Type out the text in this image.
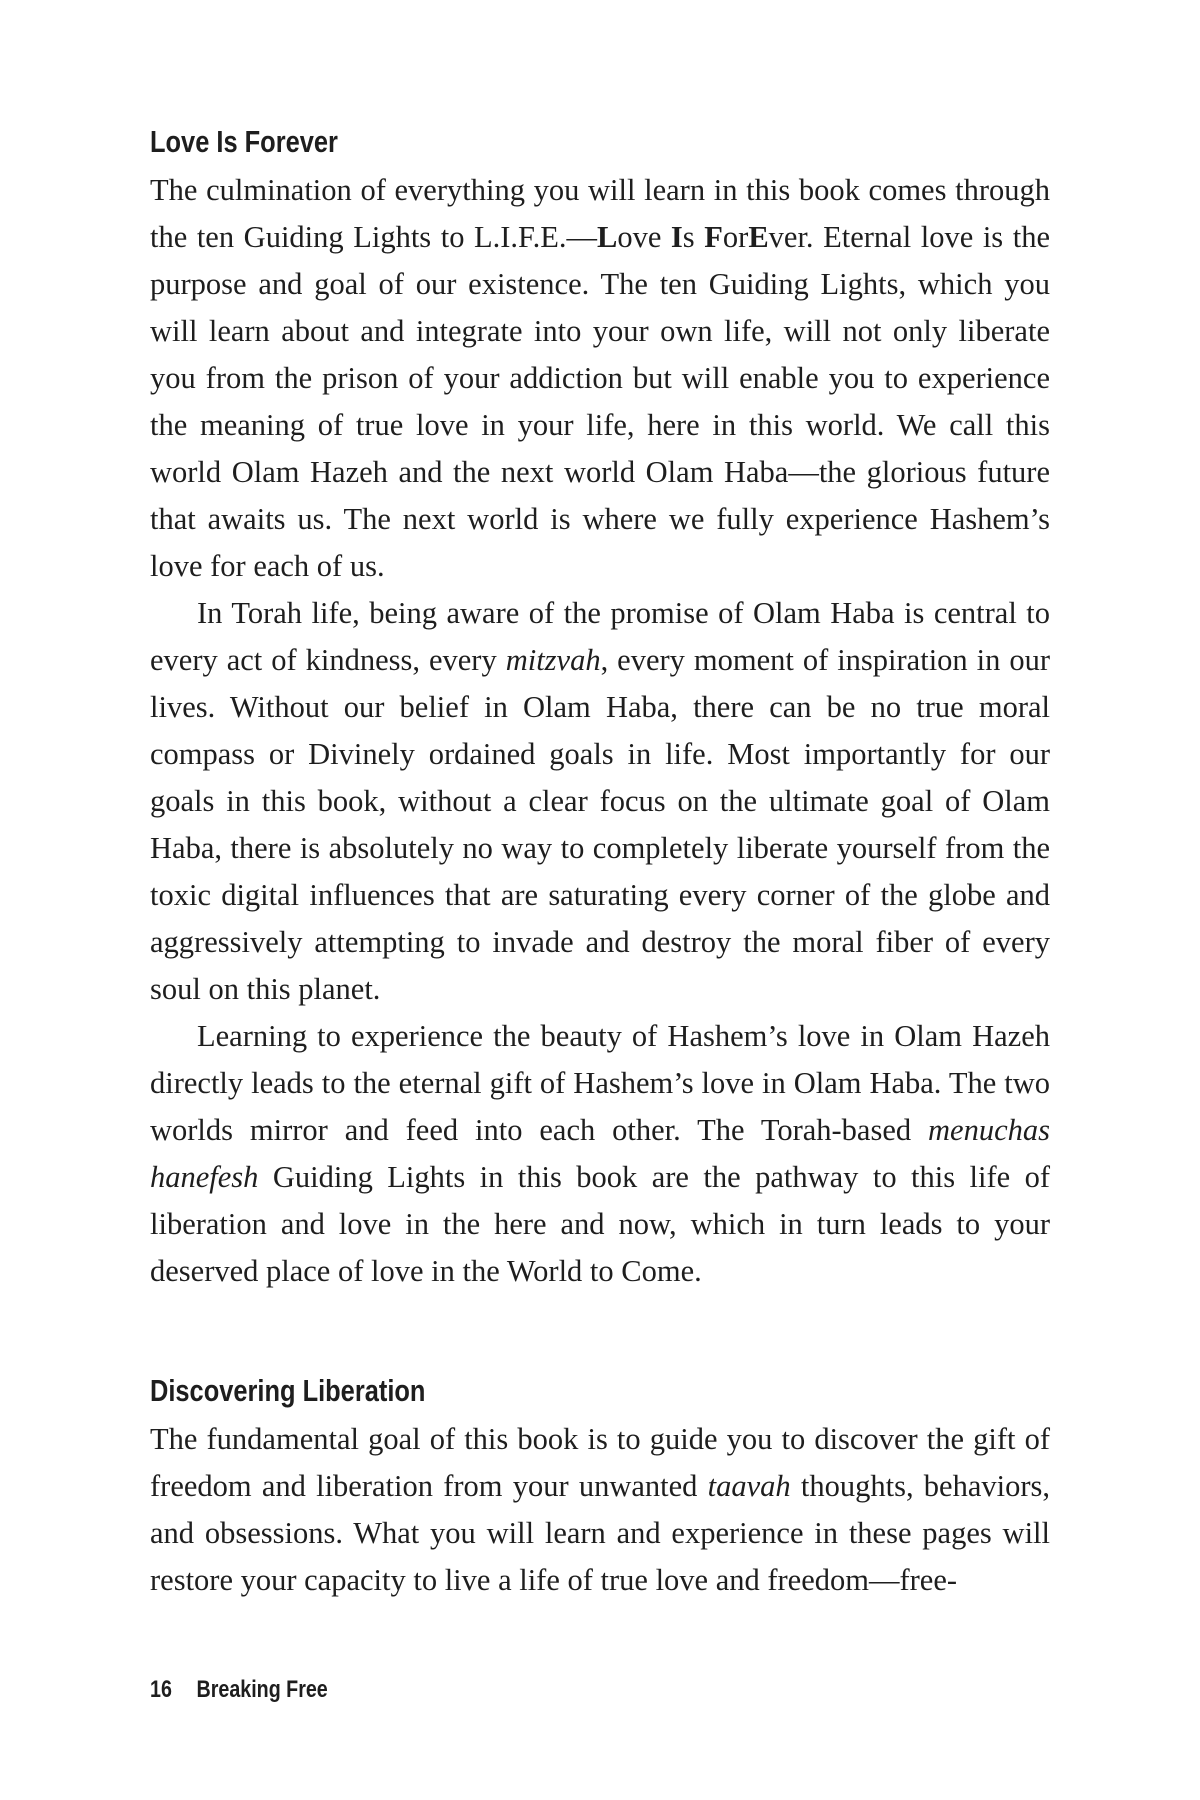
Love Is Forever

The culmination of everything you will learn in this book comes through the ten Guiding Lights to L.I.F.E.—Love Is ForEver. Eternal love is the purpose and goal of our existence. The ten Guiding Lights, which you will learn about and integrate into your own life, will not only liberate you from the prison of your addiction but will enable you to experience the meaning of true love in your life, here in this world. We call this world Olam Hazeh and the next world Olam Haba—the glorious future that awaits us. The next world is where we fully experience Hashem’s love for each of us.

In Torah life, being aware of the promise of Olam Haba is central to every act of kindness, every mitzvah, every moment of inspiration in our lives. Without our belief in Olam Haba, there can be no true moral compass or Divinely ordained goals in life. Most importantly for our goals in this book, without a clear focus on the ultimate goal of Olam Haba, there is absolutely no way to completely liberate yourself from the toxic digital influences that are saturating every corner of the globe and aggressively attempting to invade and destroy the moral fiber of every soul on this planet.

Learning to experience the beauty of Hashem’s love in Olam Hazeh directly leads to the eternal gift of Hashem’s love in Olam Haba. The two worlds mirror and feed into each other. The Torah-based menuchas hanefesh Guiding Lights in this book are the pathway to this life of liberation and love in the here and now, which in turn leads to your deserved place of love in the World to Come.

Discovering Liberation

The fundamental goal of this book is to guide you to discover the gift of freedom and liberation from your unwanted taavah thoughts, behaviors, and obsessions. What you will learn and experience in these pages will restore your capacity to live a life of true love and freedom—free-

16 Breaking Free
